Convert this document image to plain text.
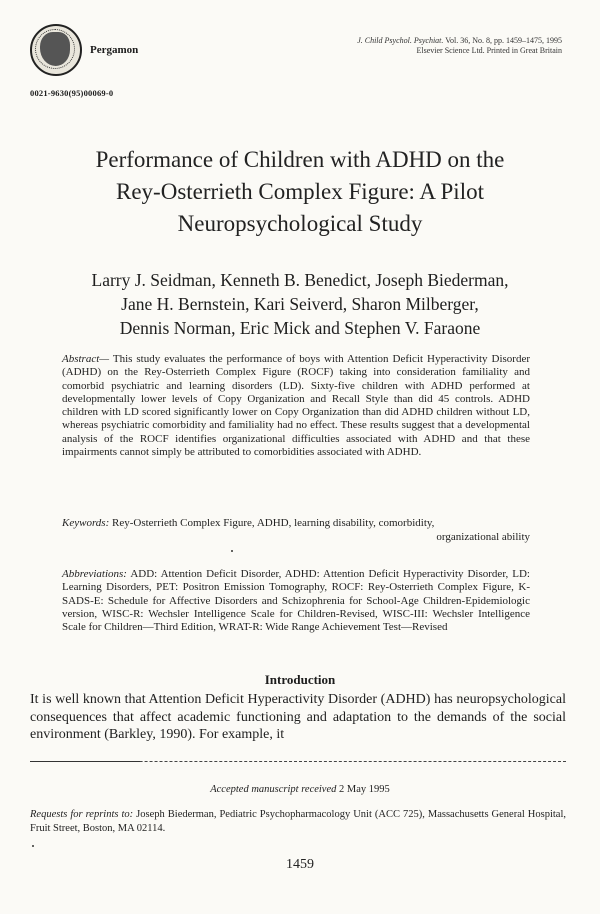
Pergamon
J. Child Psychol. Psychiat. Vol. 36, No. 8, pp. 1459–1475, 1995
Elsevier Science Ltd. Printed in Great Britain
0021-9630(95)00069-0
Performance of Children with ADHD on the
Rey-Osterrieth Complex Figure: A Pilot
Neuropsychological Study
Larry J. Seidman, Kenneth B. Benedict, Joseph Biederman,
Jane H. Bernstein, Kari Seiverd, Sharon Milberger,
Dennis Norman, Eric Mick and Stephen V. Faraone
Abstract— This study evaluates the performance of boys with Attention Deficit Hyperactivity Disorder (ADHD) on the Rey-Osterrieth Complex Figure (ROCF) taking into consideration familiality and comorbid psychiatric and learning disorders (LD). Sixty-five children with ADHD performed at developmentally lower levels of Copy Organization and Recall Style than did 45 controls. ADHD children with LD scored significantly lower on Copy Organization than did ADHD children without LD, whereas psychiatric comorbidity and familiality had no effect. These results suggest that a developmental analysis of the ROCF identifies organizational difficulties associated with ADHD and that these impairments cannot simply be attributed to comorbidities associated with ADHD.
Keywords: Rey-Osterrieth Complex Figure, ADHD, learning disability, comorbidity,
organizational ability
Abbreviations: ADD: Attention Deficit Disorder, ADHD: Attention Deficit Hyperactivity Disorder, LD: Learning Disorders, PET: Positron Emission Tomography, ROCF: Rey-Osterrieth Complex Figure, K-SADS-E: Schedule for Affective Disorders and Schizophrenia for School-Age Children-Epidemiologic version, WISC-R: Wechsler Intelligence Scale for Children-Revised, WISC-III: Wechsler Intelligence Scale for Children—Third Edition, WRAT-R: Wide Range Achievement Test—Revised
Introduction
It is well known that Attention Deficit Hyperactivity Disorder (ADHD) has neuropsychological consequences that affect academic functioning and adaptation to the demands of the social environment (Barkley, 1990). For example, it
Accepted manuscript received 2 May 1995
Requests for reprints to: Joseph Biederman, Pediatric Psychopharmacology Unit (ACC 725), Massachusetts General Hospital, Fruit Street, Boston, MA 02114.
1459
